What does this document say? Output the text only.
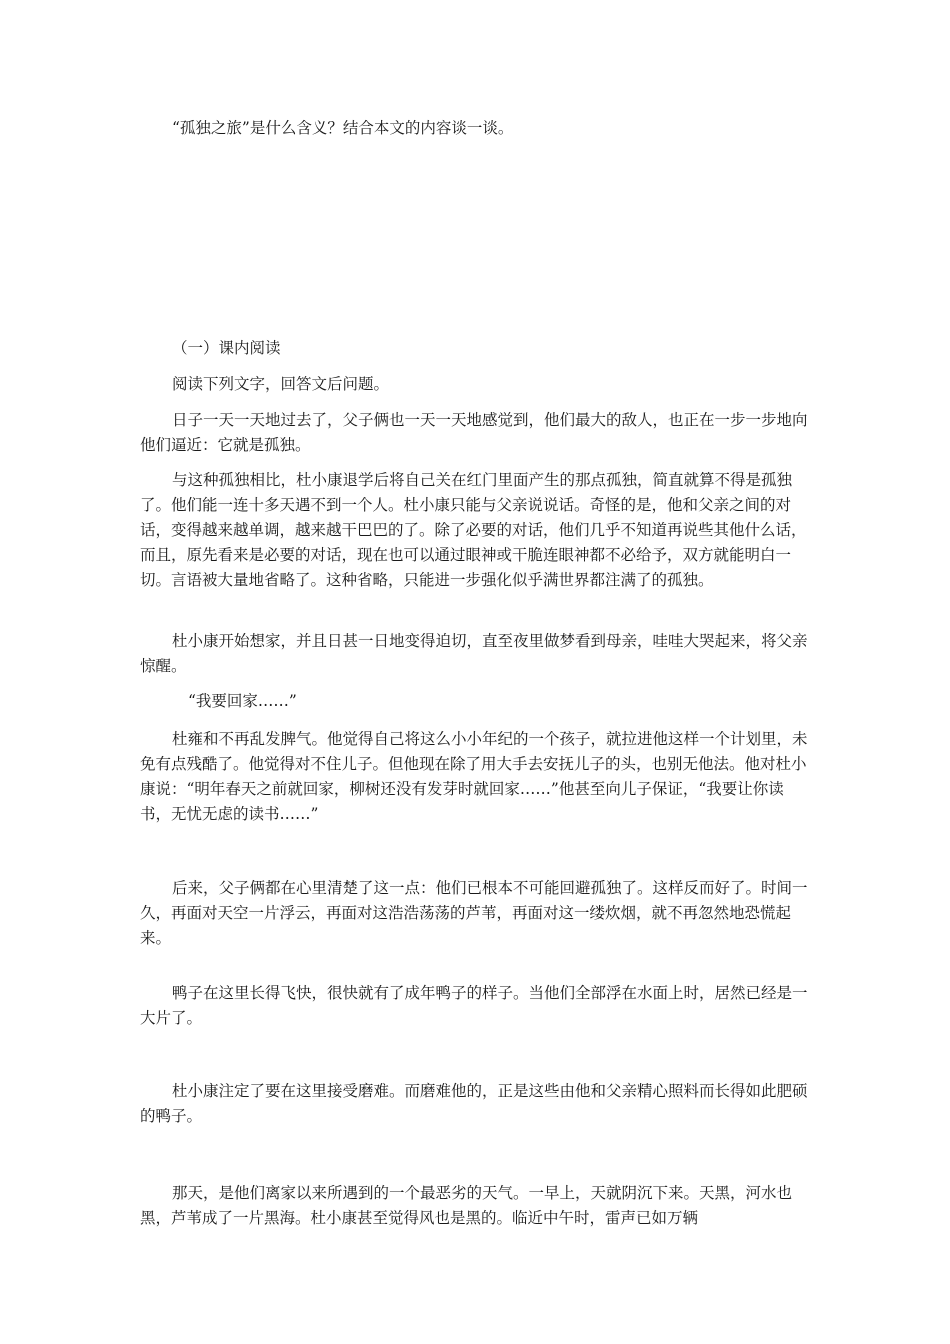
“孤独之旅”是什么含义？结合本文的内容谈一谈。

（一）课内阅读

阅读下列文字，回答文后问题。

日子一天一天地过去了，父子俩也一天一天地感觉到，他们最大的敌人，也正在一步一步地向他们逼近：它就是孤独。

与这种孤独相比，杜小康退学后将自己关在红门里面产生的那点孤独，简直就算不得是孤独了。他们能一连十多天遇不到一个人。杜小康只能与父亲说说话。奇怪的是，他和父亲之间的对话，变得越来越单调，越来越干巴巴的了。除了必要的对话，他们几乎不知道再说些其他什么话，而且，原先看来是必要的对话，现在也可以通过眼神或干脆连眼神都不必给予，双方就能明白一切。言语被大量地省略了。这种省略，只能进一步强化似乎满世界都注满了的孤独。

杜小康开始想家，并且日甚一日地变得迫切，直至夜里做梦看到母亲，哇哇大哭起来，将父亲惊醒。

“我要回家……”

杜雍和不再乱发脾气。他觉得自己将这么小小年纪的一个孩子，就拉进他这样一个计划里，未免有点残酷了。他觉得对不住儿子。但他现在除了用大手去安抚儿子的头，也别无他法。他对杜小康说：“明年春天之前就回家，柳树还没有发芽时就回家……”他甚至向儿子保证，“我要让你读书，无忧无虑的读书……”

后来，父子俩都在心里清楚了这一点：他们已根本不可能回避孤独了。这样反而好了。时间一久，再面对天空一片浮云，再面对这浩浩荡荡的芦苇，再面对这一缕炊烟，就不再忽然地恐慌起来。

鸭子在这里长得飞快，很快就有了成年鸭子的样子。当他们全部浮在水面上时，居然已经是一大片了。

杜小康注定了要在这里接受磨难。而磨难他的，正是这些由他和父亲精心照料而长得如此肥硕的鸭子。

那天，是他们离家以来所遇到的一个最恶劣的天气。一早上，天就阴沉下来。天黑，河水也黑，芦苇成了一片黑海。杜小康甚至觉得风也是黑的。临近中午时，雷声已如万辆
